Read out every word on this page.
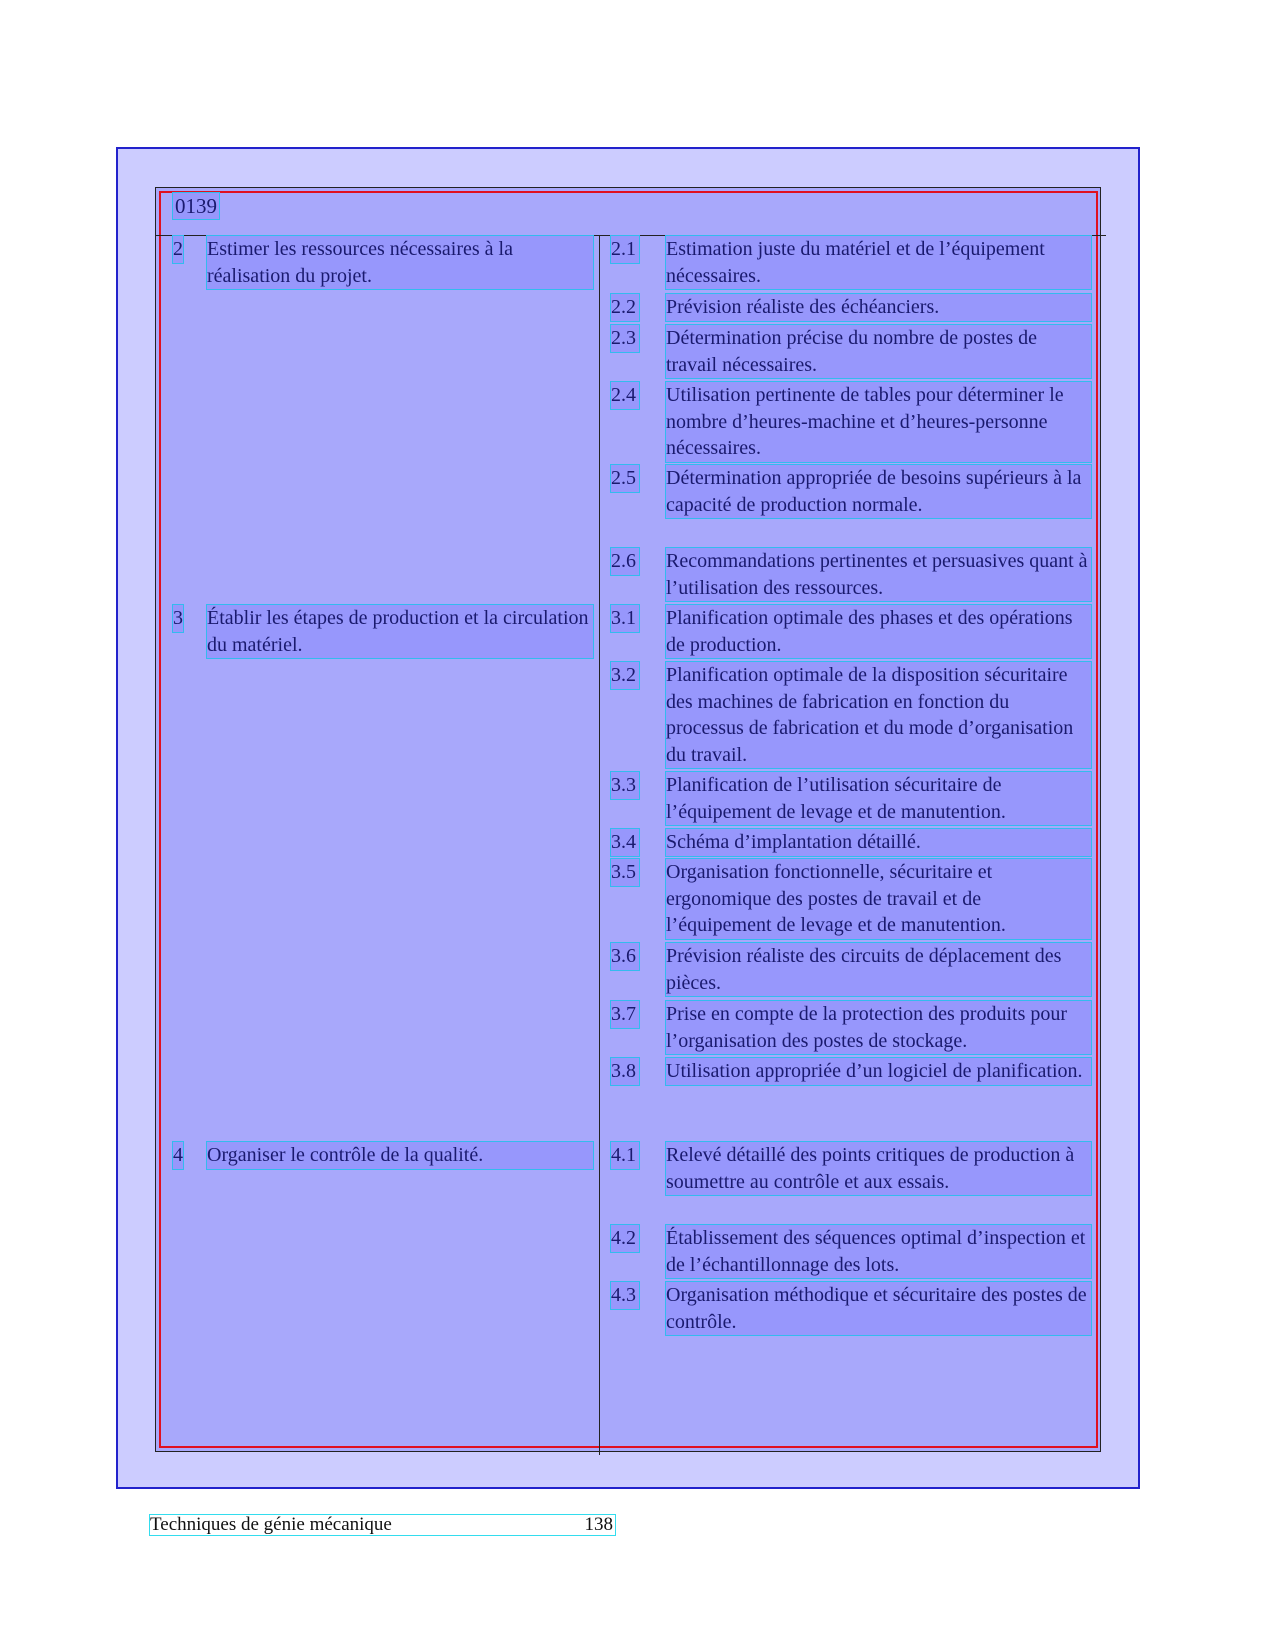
0139
2 Estimer les ressources nécessaires à la réalisation du projet.
3 Établir les étapes de production et la circulation du matériel.
4 Organiser le contrôle de la qualité.
2.1 Estimation juste du matériel et de l’équipement nécessaires.
2.2 Prévision réaliste des échéanciers.
2.3 Détermination précise du nombre de postes de travail nécessaires.
2.4 Utilisation pertinente de tables pour déterminer le nombre d’heures-machine et d’heures-personne nécessaires.
2.5 Détermination appropriée de besoins supérieurs à la capacité de production normale.
2.6 Recommandations pertinentes et persuasives quant à l’utilisation des ressources.
3.1 Planification optimale des phases et des opérations de production.
3.2 Planification optimale de la disposition sécuritaire des machines de fabrication en fonction du processus de fabrication et du mode d’organisation du travail.
3.3 Planification de l’utilisation sécuritaire de l’équipement de levage et de manutention.
3.4 Schéma d’implantation détaillé.
3.5 Organisation fonctionnelle, sécuritaire et ergonomique des postes de travail et de l’équipement de levage et de manutention.
3.6 Prévision réaliste des circuits de déplacement des pièces.
3.7 Prise en compte de la protection des produits pour l’organisation des postes de stockage.
3.8 Utilisation appropriée d’un logiciel de planification.
4.1 Relevé détaillé des points critiques de production à soumettre au contrôle et aux essais.
4.2 Établissement des séquences optimal d’inspection et de l’échantillonnage des lots.
4.3 Organisation méthodique et sécuritaire des postes de contrôle.
Techniques de génie mécanique	138
